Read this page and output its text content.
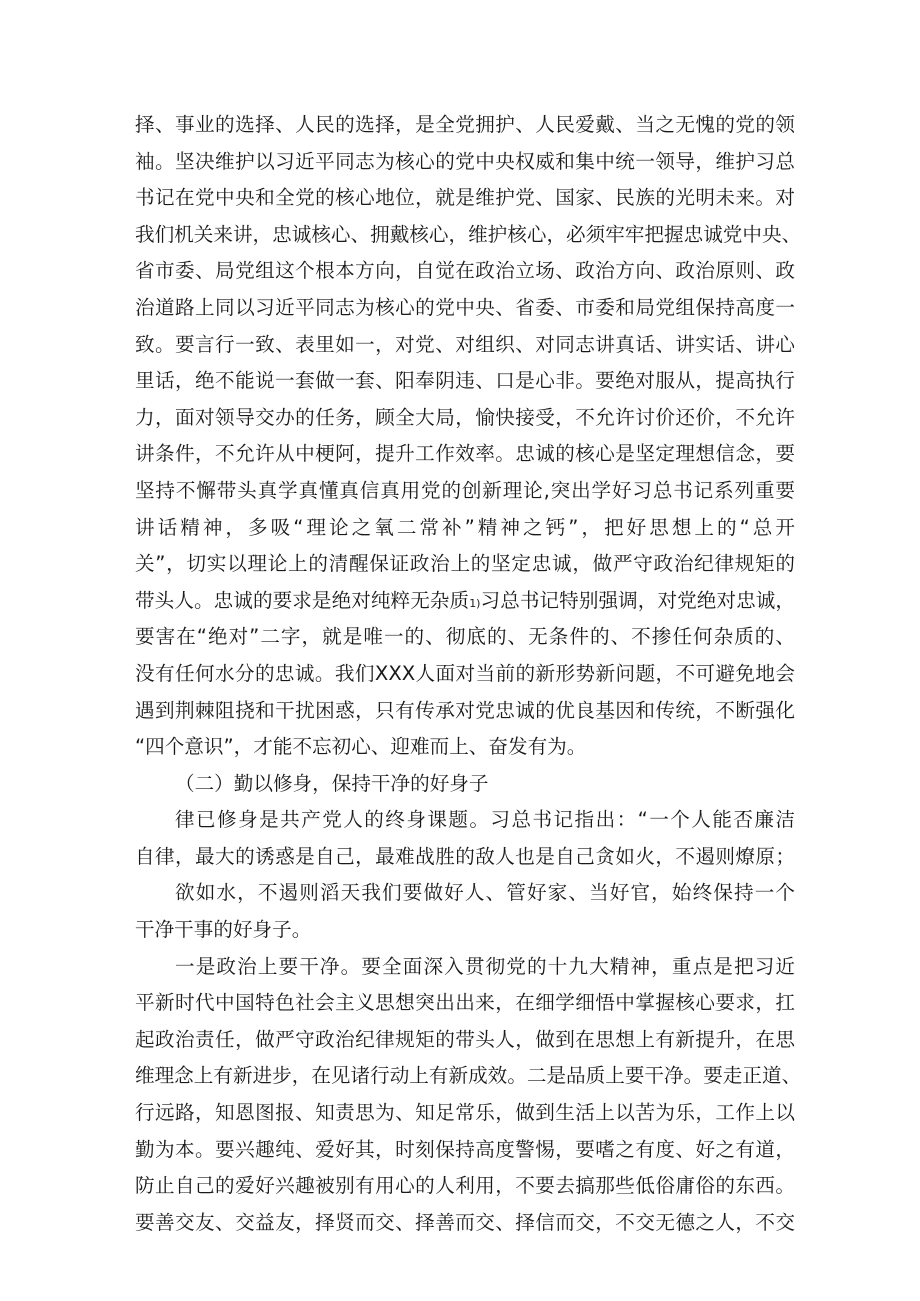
择、事业的选择、人民的选择，是全党拥护、人民爱戴、当之无愧的党的领
袖。坚决维护以习近平同志为核心的党中央权威和集中统一领导，维护习总
书记在党中央和全党的核心地位，就是维护党、国家、民族的光明未来。对
我们机关来讲，忠诚核心、拥戴核心，维护核心，必须牢牢把握忠诚党中央、
省市委、局党组这个根本方向，自觉在政治立场、政治方向、政治原则、政
治道路上同以习近平同志为核心的党中央、省委、市委和局党组保持高度一
致。要言行一致、表里如一，对党、对组织、对同志讲真话、讲实话、讲心
里话，绝不能说一套做一套、阳奉阴违、口是心非。要绝对服从，提高执行
力，面对领导交办的任务，顾全大局，愉快接受，不允许讨价还价，不允许
讲条件，不允许从中梗阿，提升工作效率。忠诚的核心是坚定理想信念，要
坚持不懈带头真学真懂真信真用党的创新理论,突出学好习总书记系列重要
讲话精神，多吸“理论之氧二常补”精神之钙”，把好思想上的“总开
关”，切实以理论上的清醒保证政治上的坚定忠诚，做严守政治纪律规矩的
带头人。忠诚的要求是绝对纯粹无杂质1)习总书记特别强调，对党绝对忠诚，
要害在“绝对”二字，就是唯一的、彻底的、无条件的、不掺任何杂质的、
没有任何水分的忠诚。我们XXX人面对当前的新形势新问题，不可避免地会
遇到荆棘阻挠和干扰困惑，只有传承对党忠诚的优良基因和传统，不断强化
“四个意识”，才能不忘初心、迎难而上、奋发有为。
（二）勤以修身，保持干净的好身子
律已修身是共产党人的终身课题。习总书记指出：“一个人能否廉洁
自律，最大的诱惑是自己，最难战胜的敌人也是自己贪如火，不遏则燎原；
欲如水，不遏则滔天我们要做好人、管好家、当好官，始终保持一个
干净干事的好身子。
一是政治上要干净。要全面深入贯彻党的十九大精神，重点是把习近
平新时代中国特色社会主义思想突出出来，在细学细悟中掌握核心要求，扛
起政治责任，做严守政治纪律规矩的带头人，做到在思想上有新提升，在思
维理念上有新进步，在见诸行动上有新成效。二是品质上要干净。要走正道、
行远路，知恩图报、知责思为、知足常乐，做到生活上以苦为乐，工作上以
勤为本。要兴趣纯、爱好其，时刻保持高度警惕，要嗜之有度、好之有道，
防止自己的爱好兴趣被别有用心的人利用，不要去搞那些低俗庸俗的东西。
要善交友、交益友，择贤而交、择善而交、择信而交，不交无德之人，不交
